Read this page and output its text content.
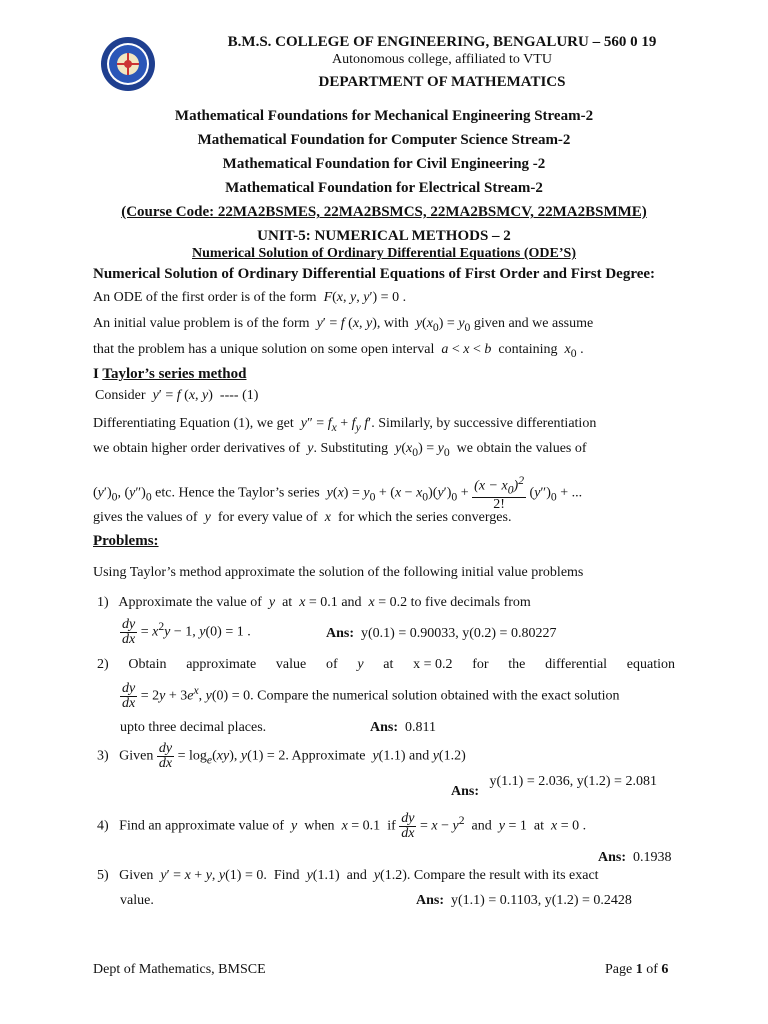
B.M.S. COLLEGE OF ENGINEERING, BENGALURU – 560 0 19
Autonomous college, affiliated to VTU
DEPARTMENT OF MATHEMATICS
Mathematical Foundations for Mechanical Engineering Stream-2
Mathematical Foundation for Computer Science Stream-2
Mathematical Foundation for Civil Engineering -2
Mathematical Foundation for Electrical Stream-2
(Course Code: 22MA2BSMES, 22MA2BSMCS, 22MA2BSMCV, 22MA2BSMME)
UNIT-5: NUMERICAL METHODS – 2
Numerical Solution of Ordinary Differential Equations (ODE’S)
Numerical Solution of Ordinary Differential Equations of First Order and First Degree:
An ODE of the first order is of the form  F(x, y, y′) = 0 .
An initial value problem is of the form  y′ = f (x, y), with $y(x_0) = y_0$ given and we assume
that the problem has a unique solution on some open interval a < x < b containing $x_0$ .
I Taylor’s series method
Consider y′ = f (x, y)  ---- (1)
Differentiating Equation (1), we get $y'' = f_x + f_y$ f′. Similarly, by successive differentiation
we obtain higher order derivatives of y. Substituting $y(x_0) = y_0$ we obtain the values of
$(y')_0$, $(y'')_0$ etc. Hence the Taylor’s series $y(x) = y_0 + (x - x_0)(y')_0 + \frac{(x - x_0)^2}{2!} (y'')_0$ + ...
gives the values of y for every value of x for which the series converges.
Problems:
Using Taylor’s method approximate the solution of the following initial value problems
1) Approximate the value of y at x = 0.1 and x = 0.2 to five decimals from
$\frac{dy}{dx} = x^2y - 1$, y(0) = 1 .	Ans: y(0.1) = 0.90033, y(0.2) = 0.80227
2) Obtain approximate value of y at x = 0.2 for the differential equation
$\frac{dy}{dx} = 2y + 3e^x$, y(0) = 0. Compare the numerical solution obtained with the exact solution
upto three decimal places.	Ans: 0.811
3) Given $\frac{dy}{dx} = \log_e(xy)$, y(1) = 2. Approximate y(1.1) and y(1.2)
Ans:   y(1.1) = 2.036, y(1.2) = 2.081
4) Find an approximate value of y when x = 0.1  if $\frac{dy}{dx} = x - y^2$ and y = 1  at x = 0 .
Ans: 0.1938
5) Given y′ = x + y, y(1) = 0.  Find y(1.1)  and y(1.2). Compare the result with its exact
value.	Ans: y(1.1) = 0.1103, y(1.2) = 0.2428
Dept of Mathematics, BMSCE	Page 1 of 6
